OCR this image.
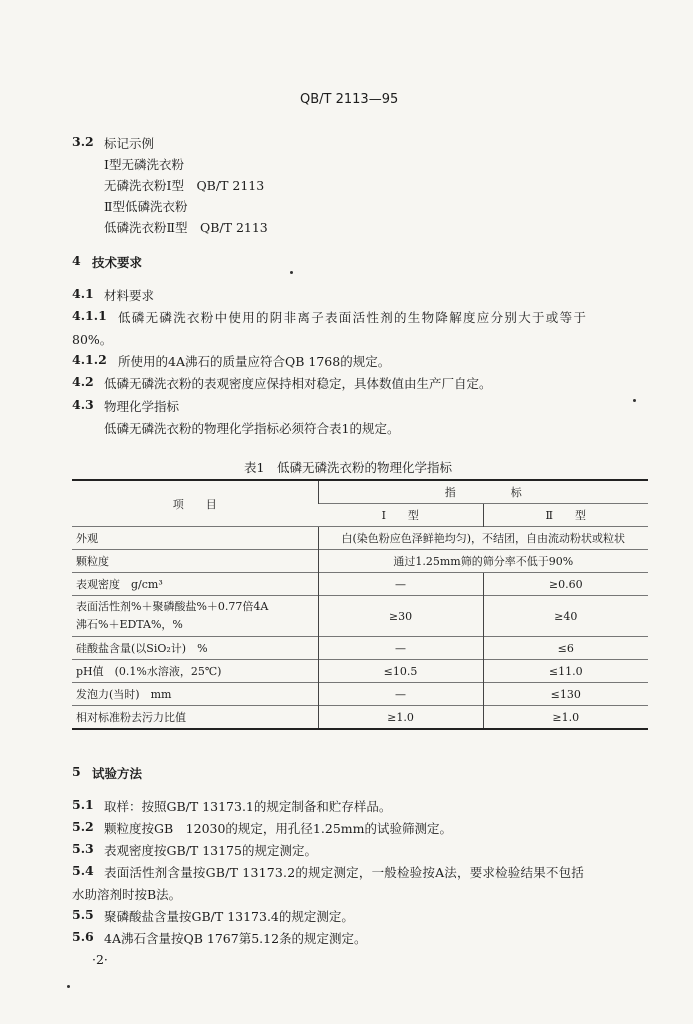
QB/T 2113—95
3.2 标记示例
Ⅰ型无磷洗衣粉
无磷洗衣粉Ⅰ型　QB/T 2113
Ⅱ型低磷洗衣粉
低磷洗衣粉Ⅱ型　QB/T 2113
4 技术要求
4.1 材料要求
4.1.1 低磷无磷洗衣粉中使用的阴非离子表面活性剂的生物降解度应分别大于或等于
80%。
4.1.2 所使用的4A沸石的质量应符合QB 1768的规定。
4.2 低磷无磷洗衣粉的表观密度应保持相对稳定，具体数值由生产厂自定。
4.3 物理化学指标
低磷无磷洗衣粉的物理化学指标必须符合表1的规定。
表1　低磷无磷洗衣粉的物理化学指标
项　　目	指　　　　　标	
	Ⅰ　　型	Ⅱ　　型
外观	白(染色粉应色泽鲜艳均匀)，不结团，自由流动粉状或粒状	
颗粒度	通过1.25mm筛的筛分率不低于90%	
表观密度　g/cm³	—	≥0.60

表面活性剂%＋聚磷酸盐%＋0.77倍4A
沸石%＋EDTA%，%	≥30	≥40
硅酸盐含量(以SiO₂计)　%	—	≤6
pH值　(0.1%水溶液，25℃)	≤10.5	≤11.0
发泡力(当时)　mm	—	≤130
相对标准粉去污力比值	≥1.0	≥1.0
5 试验方法
5.1 取样：按照GB/T 13173.1的规定制备和贮存样品。
5.2 颗粒度按GB　12030的规定，用孔径1.25mm的试验筛测定。
5.3 表观密度按GB/T 13175的规定测定。
5.4 表面活性剂含量按GB/T 13173.2的规定测定，一般检验按A法，要求检验结果不包括
水助溶剂时按B法。
5.5 聚磷酸盐含量按GB/T 13173.4的规定测定。
5.6 4A沸石含量按QB 1767第5.12条的规定测定。
·2·
